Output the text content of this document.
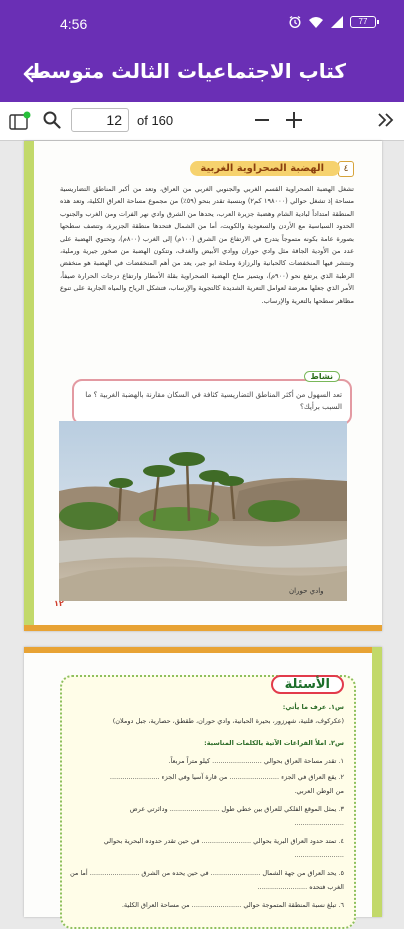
4:56	77
كتاب الاجتماعيات الثالث متوسط
12	of 160
٤
الهضبة الصحراوية الغربية
تشغل الهضبة الصحراوية القسم الغربي والجنوبي الغربي من العراق، وتعد من أكبر المناطق التضاريسية مساحة إذ تشغل حوالي (١٩٨٠٠٠ كم٢) وبنسبة تقدر بنحو (٥٩٪) من مجموع مساحة العراق الكلية، وتعد هذه المنطقة امتداداً لبادية الشام وهضبة جزيرة العرب، يحدها من الشرق وادي نهر الفرات ومن الغرب والجنوب الحدود السياسية مع الأردن والسعودية والكويت، أما من الشمال فتحدها منطقة الجزيرة، وتتصف سطحها بصورة عامة بكونه متموجاً يتدرج في الارتفاع من الشرق (١٠٠م) إلى الغرب (٨٠٠م)، وتحتوي الهضبة على عدد من الأودية الجافة مثل وادي حوران ووادي الأبيض والغدف، وتتكون الهضبة من صخور جيرية ورملية، وتنتشر فيها المنخفضات كالحبانية والرزازة وملحة ابو جير، يعد من أهم المنخفضات في الهضبة هو منخفض الرطبة الذي يرتفع نحو (٩٠٠م)، ويتميز مناخ الهضبة الصحراوية بقلة الأمطار وارتفاع درجات الحرارة صيفاً، الأمر الذي جعلها معرضة لعوامل التعرية الشديدة كالتجوية والإرساب، فتشكل الرياح والمياه الجارية على تنوع مظاهر سطحها بالتعرية والإرساب.
نشاط
تعد السهول من أكثر المناطق التضاريسية كثافة في السكان مقارنة بالهضبة الغربية ؟ ما السبب برأيك؟
وادي حوران
١٢
الأسئلة
س١. عرف ما يأتي:
(عكركوف، قلنية، شهرزور، بحيرة الحبانية، وادي حوران، طقطق، حصارية، جبل دوملان)
س٢. املأ الفراغات الآتية بالكلمات المناسبة:
١. تقدر مساحة العراق بحوالي ........................ كيلو متراً مربعاً.
٢. يقع العراق في الجزء ........................ من قارة آسيا وفي الجزء ........................
من الوطن العربي.
٣. يمثل الموقع الفلكي للعراق بين خطي طول ........................ ودائرتي عرض
........................
٤. تمتد حدود العراق البرية بحوالي ........................ في حين تقدر حدوده البحرية بحوالي
........................
٥. يحد العراق من جهة الشمال ........................ في حين يحده من الشرق ........................ أما من
الغرب فتحده ........................
٦. تبلغ نسبة المنطقة المتموجة حوالي ........................ من مساحة العراق الكلية.
